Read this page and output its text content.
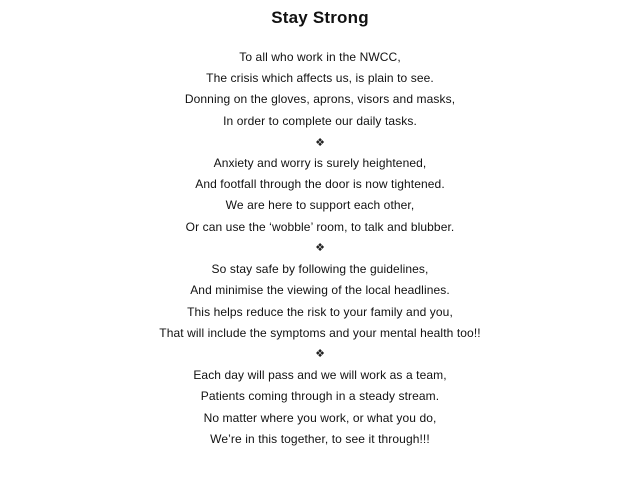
Stay Strong
To all who work in the NWCC,
The crisis which affects us, is plain to see.
Donning on the gloves, aprons, visors and masks,
In order to complete our daily tasks.
❖
Anxiety and worry is surely heightened,
And footfall through the door is now tightened.
We are here to support each other,
Or can use the ‘wobble’ room, to talk and blubber.
❖
So stay safe by following the guidelines,
And minimise the viewing of the local headlines.
This helps reduce the risk to your family and you,
That will include the symptoms and your mental health too!!
❖
Each day will pass and we will work as a team,
Patients coming through in a steady stream.
No matter where you work, or what you do,
We’re in this together, to see it through!!!
